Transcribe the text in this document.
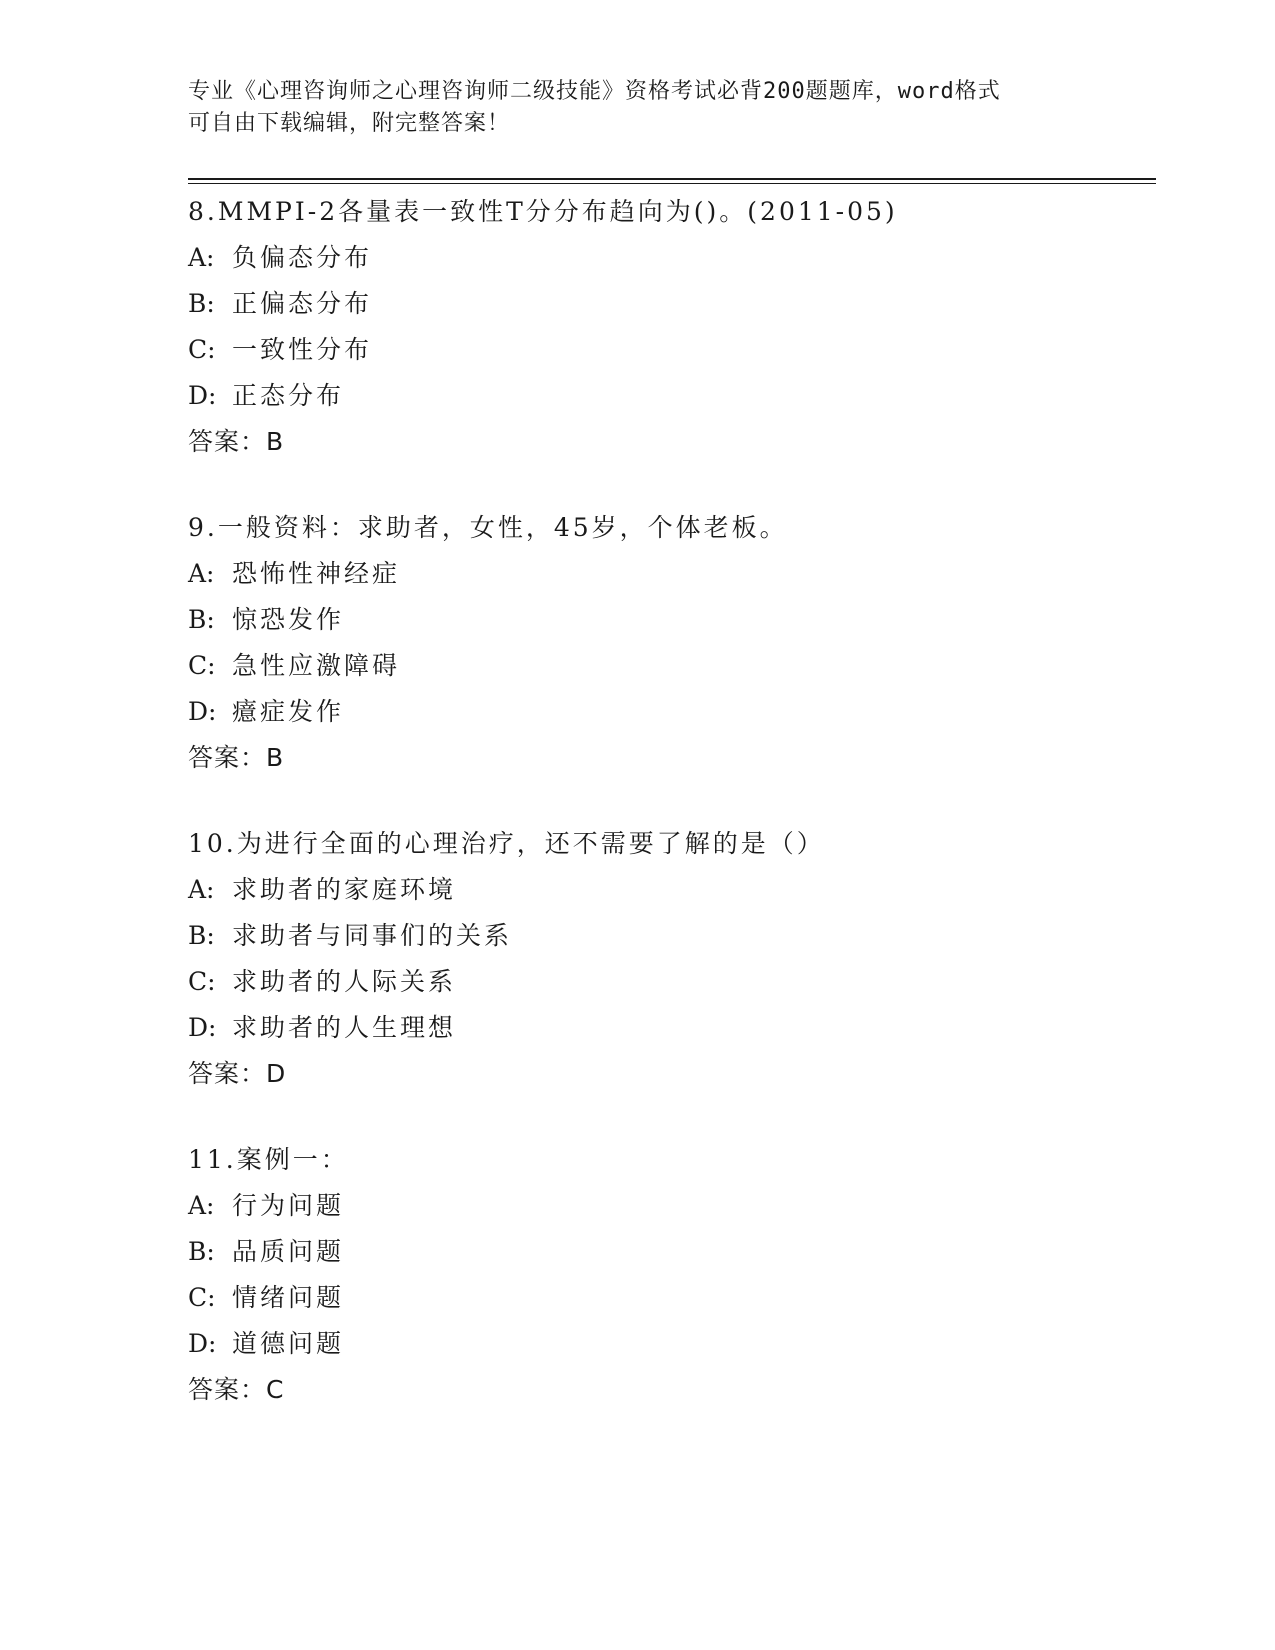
专业《心理咨询师之心理咨询师二级技能》资格考试必背200题题库，word格式
可自由下载编辑，附完整答案！
8.MMPI-2各量表一致性T分分布趋向为()。(2011-05)
A: 负偏态分布
B: 正偏态分布
C: 一致性分布
D: 正态分布
答案：B
9.一般资料：求助者，女性，45岁，个体老板。
A: 恐怖性神经症
B: 惊恐发作
C: 急性应激障碍
D: 癔症发作
答案：B
10.为进行全面的心理治疗，还不需要了解的是（）
A: 求助者的家庭环境
B: 求助者与同事们的关系
C: 求助者的人际关系
D: 求助者的人生理想
答案：D
11.案例一：
A: 行为问题
B: 品质问题
C: 情绪问题
D: 道德问题
答案：C
